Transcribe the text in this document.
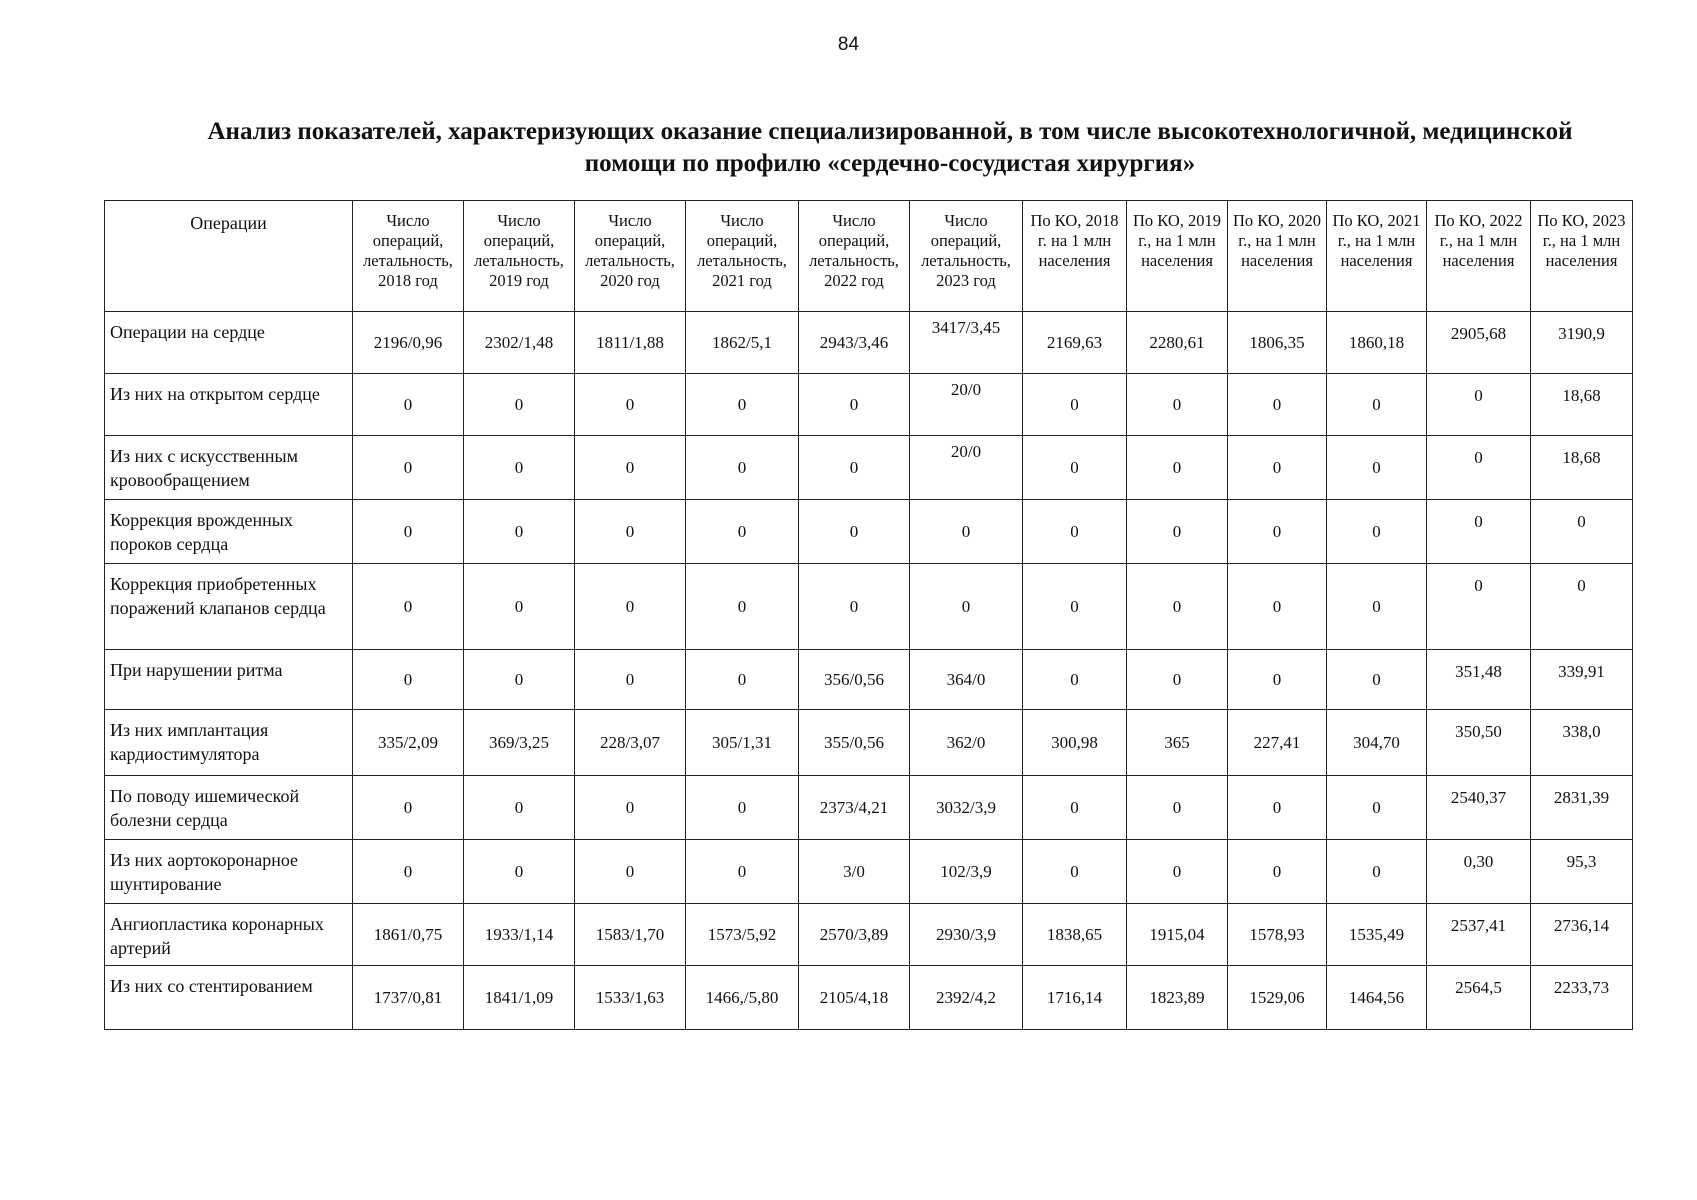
84
Анализ показателей, характеризующих оказание специализированной, в том числе высокотехнологичной, медицинской
помощи по профилю «сердечно-сосудистая хирургия»
Операции	Число операций, летальность, 2018 год	Число операций, летальность, 2019 год	Число операций, летальность, 2020 год	Число операций, летальность, 2021 год	Число операций, летальность, 2022 год	Число операций, летальность, 2023 год	По КО, 2018 г. на 1 млн населения	По КО, 2019 г., на 1 млн населения	По КО, 2020 г., на 1 млн населения	По КО, 2021 г., на 1 млн населения	По КО, 2022 г., на 1 млн населения	По КО, 2023 г., на 1 млн населения
Операции на сердце	2196/0,96	2302/1,48	1811/1,88	1862/5,1	2943/3,46	3417/3,45	2169,63	2280,61	1806,35	1860,18	2905,68	3190,9
Из них на открытом сердце	0	0	0	0	0	20/0	0	0	0	0	0	18,68
Из них с искусственным кровообращением	0	0	0	0	0	20/0	0	0	0	0	0	18,68
Коррекция врожденных пороков сердца	0	0	0	0	0	0	0	0	0	0	0	0
Коррекция приобретенных поражений клапанов сердца	0	0	0	0	0	0	0	0	0	0	0	0
При нарушении ритма	0	0	0	0	356/0,56	364/0	0	0	0	0	351,48	339,91
Из них имплантация кардиостимулятора	335/2,09	369/3,25	228/3,07	305/1,31	355/0,56	362/0	300,98	365	227,41	304,70	350,50	338,0
По поводу ишемической болезни сердца	0	0	0	0	2373/4,21	3032/3,9	0	0	0	0	2540,37	2831,39
Из них аортокоронарное шунтирование	0	0	0	0	3/0	102/3,9	0	0	0	0	0,30	95,3
Ангиопластика коронарных артерий	1861/0,75	1933/1,14	1583/1,70	1573/5,92	2570/3,89	2930/3,9	1838,65	1915,04	1578,93	1535,49	2537,41	2736,14
Из них со стентированием	1737/0,81	1841/1,09	1533/1,63	1466,/5,80	2105/4,18	2392/4,2	1716,14	1823,89	1529,06	1464,56	2564,5	2233,73
